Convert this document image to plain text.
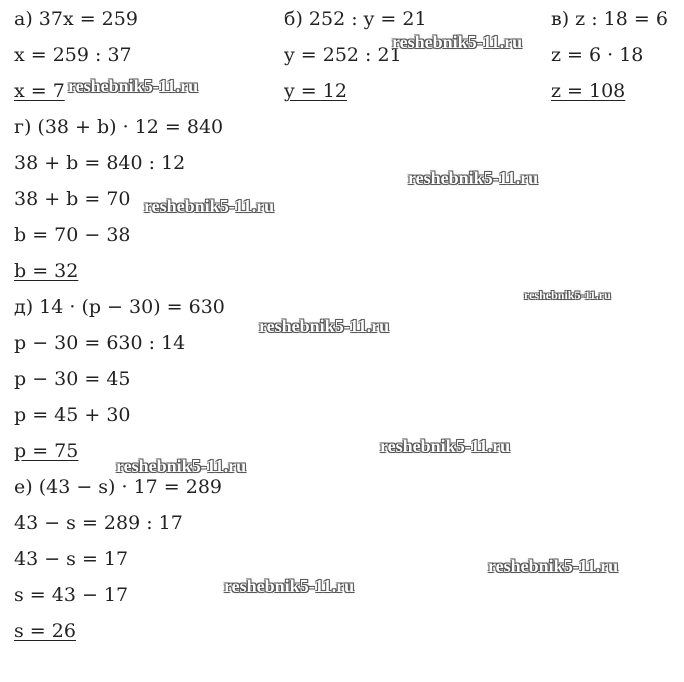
а) 37x = 259
x = 259 : 37
x = 7
б) 252 : y = 21
y = 252 : 21
y = 12
в) z : 18 = 6
z = 6 · 18
z = 108
г) (38 + b) · 12 = 840
38 + b = 840 : 12
38 + b = 70
b = 70 − 38
b = 32
д) 14 · (p − 30) = 630
p − 30 = 630 : 14
p − 30 = 45
p = 45 + 30
p = 75
е) (43 − s) · 17 = 289
43 − s = 289 : 17
43 − s = 17
s = 43 − 17
s = 26
reshebnik5-11.ru
reshebnik5-11.ru
reshebnik5-11.ru
reshebnik5-11.ru
reshebnik5-11.ru
reshebnik5-11.ru
reshebnik5-11.ru
reshebnik5-11.ru
reshebnik5-11.ru
reshebnik5-11.ru
